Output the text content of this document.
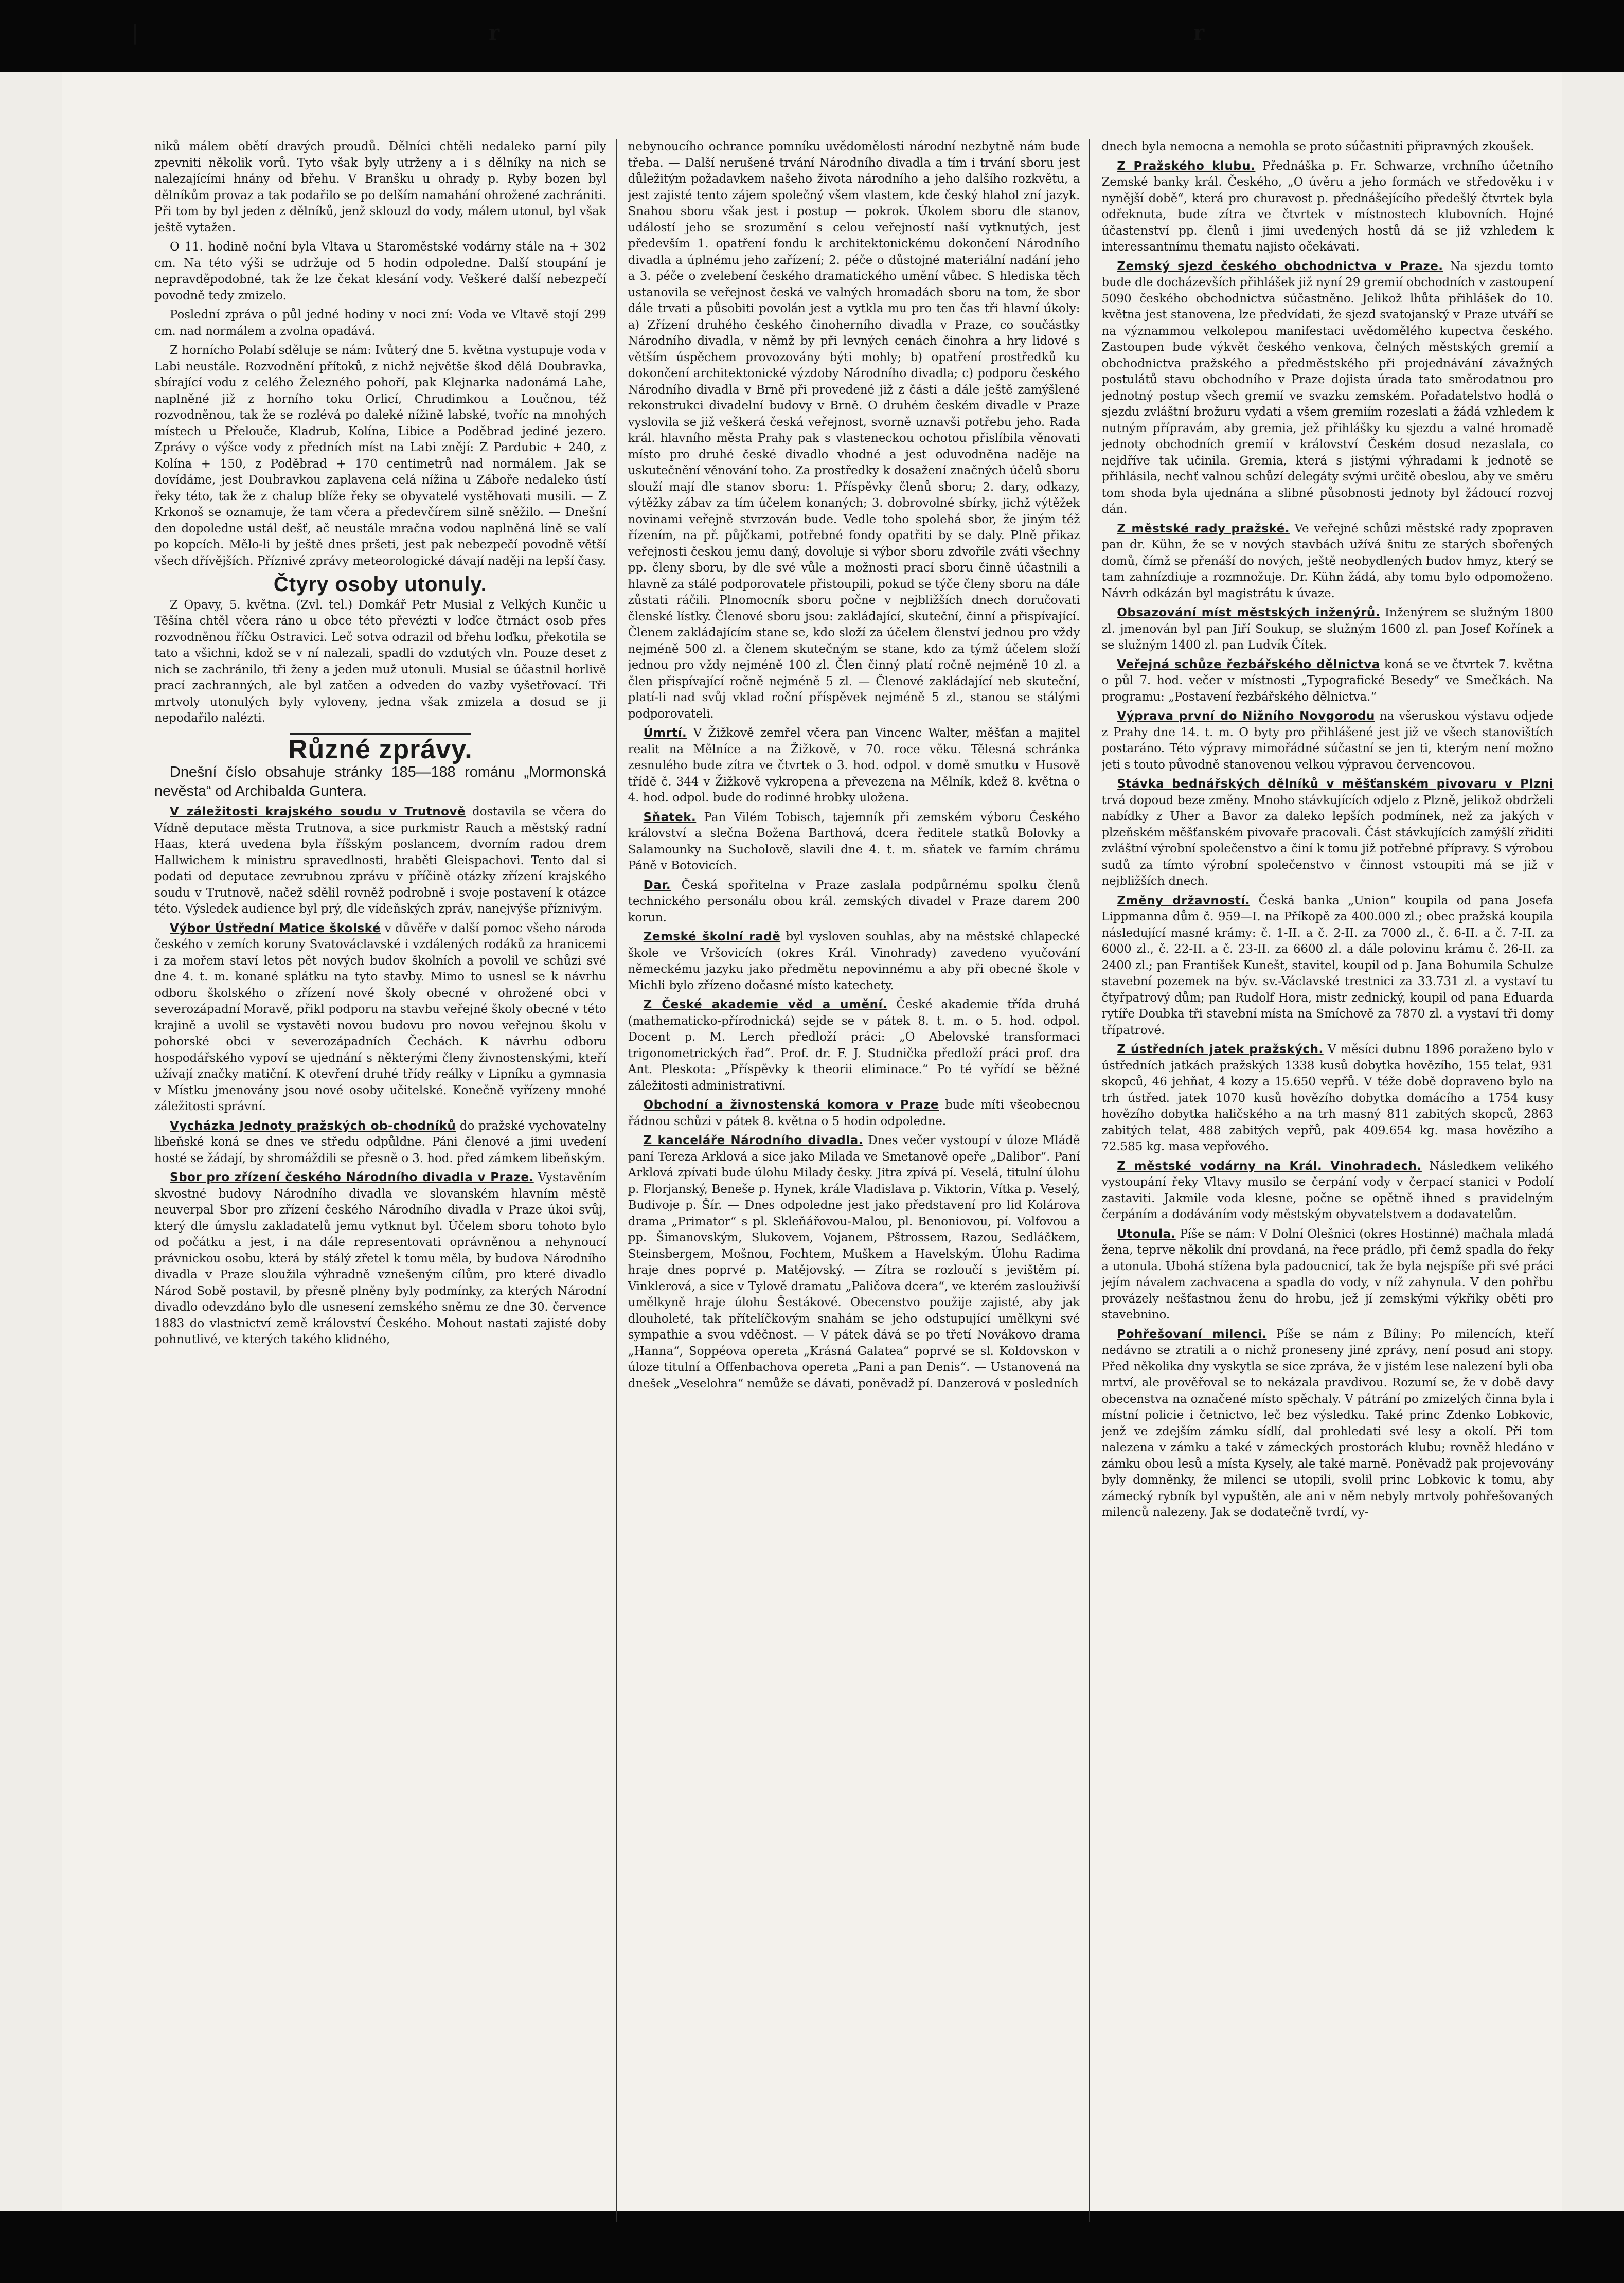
|	r	r

niků málem obětí dravých proudů. Dělníci chtěli nedaleko parní pily zpevniti několik vorů. Tyto však byly utrženy a i s dělníky na nich se nalezajícími hnány od břehu. V Branšku u ohrady p. Ryby bozen byl dělníkům provaz a tak podařilo se po delším namahání ohrožené zachrániti. Při tom by byl jeden z dělníků, jenž sklouzl do vody, málem utonul, byl však ještě vytažen.

O 11. hodině noční byla Vltava u Staroměstské vodárny stále na + 302 cm. Na této výši se udržuje od 5 hodin odpoledne. Další stoupání je nepravděpodobné, tak že lze čekat klesání vody. Veškeré další nebezpečí povodně tedy zmizelo.

Poslední zpráva o půl jedné hodiny v noci zní: Voda ve Vltavě stojí 299 cm. nad normálem a zvolna opadává.

Z hornícho Polabí sděluje se nám: Ivůterý dne 5. května vystupuje voda v Labi neustále. Rozvodnění přítoků, z nichž největše škod dělá Doubravka, sbírající vodu z celého Železného pohoří, pak Klejnarka nadonámá Lahe, naplněné již z horního toku Orlicí, Chrudimkou a Loučnou, též rozvodněnou, tak že se rozlévá po daleké nížině labské, tvoříc na mnohých místech u Přelouče, Kladrub, Kolína, Libice a Poděbrad jediné jezero. Zprávy o výšce vody z předních míst na Labi znějí: Z Pardubic + 240, z Kolína + 150, z Poděbrad + 170 centimetrů nad normálem. Jak se dovídáme, jest Doubravkou zaplavena celá nížina u Záboře nedaleko ústí řeky této, tak že z chalup blíže řeky se obyvatelé vystěhovati musili. — Z Krkonoš se oznamuje, že tam včera a předevčírem silně sněžilo. — Dnešní den dopoledne ustál dešť, ač neustále mračna vodou naplněná líně se valí po kopcích. Mělo-li by ještě dnes pršeti, jest pak nebezpečí povodně větší všech dřívějších. Příznivé zprávy meteorologické dávají naději na lepší časy.

Čtyry osoby utonuly.

Z Opavy, 5. května. (Zvl. tel.) Domkář Petr Musial z Velkých Kunčic u Těšína chtěl včera ráno u obce této převézti v loďce čtrnáct osob přes rozvodněnou říčku Ostravici. Leč sotva odrazil od břehu loďku, překotila se tato a všichni, kdož se v ní nalezali, spadli do vzdutých vln. Pouze deset z nich se zachránilo, tři ženy a jeden muž utonuli. Musial se účastnil horlivě prací zachranných, ale byl zatčen a odveden do vazby vyšetřovací. Tři mrtvoly utonulých byly vyloveny, jedna však zmizela a dosud se ji nepodařilo nalézti.

Různé zprávy.

Dnešní číslo obsahuje stránky 185—188 románu „Mormonská nevěsta“ od Archibalda Guntera.

V záležitosti krajského soudu v Trutnově dostavila se včera do Vídně deputace města Trutnova, a sice purkmistr Rauch a městský radní Haas, která uvedena byla říšským poslancem, dvorním radou drem Hallwichem k ministru spravedlnosti, hraběti Gleispachovi. Tento dal si podati od deputace zevrubnou zprávu v příčině otázky zřízení krajského soudu v Trutnově, načež sdělil rovněž podrobně i svoje postavení k otázce této. Výsledek audience byl prý, dle vídeňských zpráv, nanejvýše příznivým.

Výbor Ústřední Matice školské v důvěře v další pomoc všeho národa českého v zemích koruny Svatováclavské i vzdálených rodáků za hranicemi i za mořem staví letos pět nových budov školních a povolil ve schůzi své dne 4. t. m. konané splátku na tyto stavby. Mimo to usnesl se k návrhu odboru školského o zřízení nové školy obecné v ohrožené obci v severozápadní Moravě, přikl podporu na stavbu veřejné školy obecné v této krajině a uvolil se vystavěti novou budovu pro novou veřejnou školu v pohorské obci v severozápadních Čechách. K návrhu odboru hospodářského vypoví se ujednání s některými členy živnostenskými, kteří užívají značky matiční. K otevření druhé třídy reálky v Lipníku a gymnasia v Místku jmenovány jsou nové osoby učitelské. Konečně vyřízeny mnohé záležitosti správní.

Vycházka Jednoty pražských ob-chodníků do pražské vychovatelny libeňské koná se dnes ve středu odpůldne. Páni členové a jimi uvedení hosté se žádají, by shromáždili se přesně o 3. hod. před zámkem libeňským.

Sbor pro zřízení českého Národního divadla v Praze. Vystavěním skvostné budovy Národního divadla ve slovanském hlavním městě neuverpal Sbor pro zřízení českého Národního divadla v Praze úkoi svůj, který dle úmyslu zakladatelů jemu vytknut byl. Účelem sboru tohoto bylo od počátku a jest, i na dále representovati oprávněnou a nehynoucí právnickou osobu, která by stálý zřetel k tomu měla, by budova Národního divadla v Praze sloužila výhradně vznešeným cílům, pro které divadlo Národ Sobě postavil, by přesně plněny byly podmínky, za kterých Národní divadlo odevzdáno bylo dle usnesení zemského sněmu ze dne 30. července 1883 do vlastnictví země království Českého. Mohout nastati zajisté doby pohnutlivé, ve kterých takého klidného,

nebynoucího ochrance pomníku uvědomělosti národní nezbytně nám bude třeba. — Další nerušené trvání Národního divadla a tím i trvání sboru jest důležitým požadavkem našeho života národního a jeho dalšího rozkvětu, a jest zajisté tento zájem společný všem vlastem, kde český hlahol zní jazyk. Snahou sboru však jest i postup — pokrok. Úkolem sboru dle stanov, událostí jeho se srozumění s celou veřejností naší vytknutých, jest především 1. opatření fondu k architektonickému dokončení Národního divadla a úplnému jeho zařízení; 2. péče o důstojné materiální nadání jeho a 3. péče o zvelebení českého dramatického umění vůbec. S hlediska těch ustanovila se veřejnost česká ve valných hromadách sboru na tom, že sbor dále trvati a působiti povolán jest a vytkla mu pro ten čas tři hlavní úkoly: a) Zřízení druhého českého činoherního divadla v Praze, co součástky Národního divadla, v němž by při levných cenách činohra a hry lidové s větším úspěchem provozovány býti mohly; b) opatření prostředků ku dokončení architektonické výzdoby Národního divadla; c) podporu českého Národního divadla v Brně při provedené již z části a dále ještě zamýšlené rekonstrukci divadelní budovy v Brně. O druhém českém divadle v Praze vyslovila se již veškerá česká veřejnost, svorně uznavši potřebu jeho. Rada král. hlavního města Prahy pak s vlasteneckou ochotou přislíbila věnovati místo pro druhé české divadlo vhodné a jest oduvodněna naděje na uskutečnění věnování toho. Za prostředky k dosažení značných účelů sboru slouží mají dle stanov sboru: 1. Příspěvky členů sboru; 2. dary, odkazy, výtěžky zábav za tím účelem konaných; 3. dobrovolné sbírky, jichž výtěžek novinami veřejně stvrzován bude. Vedle toho spolehá sbor, že jiným též řízením, na př. půjčkami, potřebné fondy opatřiti by se daly. Plně přikaz veřejnosti českou jemu daný, dovoluje si výbor sboru zdvořile zváti všechny pp. členy sboru, by dle své vůle a možnosti prací sboru činně účastnili a hlavně za stálé podporovatele přistoupili, pokud se týče členy sboru na dále zůstati ráčili. Plnomocník sboru počne v nejbližších dnech doručovati členské lístky. Členové sboru jsou: zakládající, skuteční, činní a přispívající. Členem zakládajícím stane se, kdo složí za účelem členství jednou pro vždy nejméně 500 zl. a členem skutečným se stane, kdo za týmž účelem složí jednou pro vždy nejméně 100 zl. Člen činný platí ročně nejméně 10 zl. a člen přispívající ročně nejméně 5 zl. — Členové zakládající neb skuteční, platí-li nad svůj vklad roční příspěvek nejméně 5 zl., stanou se stálými podporovateli.

Úmrtí. V Žižkově zemřel včera pan Vincenc Walter, měšťan a majitel realit na Mělníce a na Žižkově, v 70. roce věku. Tělesná schránka zesnulého bude zítra ve čtvrtek o 3. hod. odpol. v domě smutku v Husově třídě č. 344 v Žižkově vykropena a převezena na Mělník, kdež 8. května o 4. hod. odpol. bude do rodinné hrobky uložena.

Sňatek. Pan Vilém Tobisch, tajemník při zemském výboru Českého království a slečna Božena Barthová, dcera ředitele statků Bolovky a Salamounky na Sucholově, slavili dne 4. t. m. sňatek ve farním chrámu Páně v Botovicích.

Dar. Česká spořitelna v Praze zaslala podpůrnému spolku členů technického personálu obou král. zemských divadel v Praze darem 200 korun.

Zemské školní radě byl vysloven souhlas, aby na městské chlapecké škole ve Vršovicích (okres Král. Vinohrady) zavedeno vyučování německému jazyku jako předmětu nepovinnému a aby při obecné škole v Michli bylo zřízeno dočasné místo katechety.

Z České akademie věd a umění. České akademie třída druhá (mathematicko-přírodnická) sejde se v pátek 8. t. m. o 5. hod. odpol. Docent p. M. Lerch předloží práci: „O Abelovské transformaci trigonometrických řad“. Prof. dr. F. J. Studnička předloží práci prof. dra Ant. Pleskota: „Příspěvky k theorii eliminace.“ Po té vyřídí se běžné záležitosti administrativní.

Obchodní a živnostenská komora v Praze bude míti všeobecnou řádnou schůzi v pátek 8. května o 5 hodin odpoledne.

Z kanceláře Národního divadla. Dnes večer vystoupí v úloze Mládě paní Tereza Arklová a sice jako Milada ve Smetanově opeře „Dalibor“. Paní Arklová zpívati bude úlohu Milady česky. Jitra zpívá pí. Veselá, titulní úlohu p. Florjanský, Beneše p. Hynek, krále Vladislava p. Viktorin, Vítka p. Veselý, Budivoje p. Šír. — Dnes odpoledne jest jako představení pro lid Kolárova drama „Primator“ s pl. Skleňářovou-Malou, pl. Benoniovou, pí. Volfovou a pp. Šimanovským, Slukovem, Vojanem, Pštrossem, Razou, Sedláčkem, Steinsbergem, Mošnou, Fochtem, Muškem a Havelským. Úlohu Radima hraje dnes poprvé p. Matějovský. — Zítra se rozloučí s jevištěm pí. Vinklerová, a sice v Tylově dramatu „Paličova dcera“, ve kterém zaslouživší umělkyně hraje úlohu Šestákové. Obecenstvo použije zajisté, aby jak dlouholeté, tak přítelíčkovým snahám se jeho odstupující umělkyni své sympathie a svou vděčnost. — V pátek dává se po třetí Novákovo drama „Hanna“, Soppéova opereta „Krásná Galatea“ poprvé se sl. Koldovskon v úloze titulní a Offenbachova opereta „Pani a pan Denis“. — Ustanovená na dnešek „Veselohra“ nemůže se dávati, poněvadž pí. Danzerová v posledních

dnech byla nemocna a nemohla se proto súčastniti připravných zkoušek.

Z Pražského klubu. Přednáška p. Fr. Schwarze, vrchního účetního Zemské banky král. Českého, „O úvěru a jeho formách ve středověku i v nynější době“, která pro churavost p. přednášejícího předešlý čtvrtek byla odřeknuta, bude zítra ve čtvrtek v místnostech klubovních. Hojné účastenství pp. členů i jimi uvedených hostů dá se již vzhledem k interessantnímu thematu najisto očekávati.

Zemský sjezd českého obchodnictva v Praze. Na sjezdu tomto bude dle docházevších přihlášek již nyní 29 gremií obchodních v zastoupení 5090 českého obchodnictva súčastněno. Jelikož lhůta přihlášek do 10. května jest stanovena, lze předvídati, že sjezd svatojanský v Praze utváří se na význammou velkolepou manifestaci uvědomělého kupectva českého. Zastoupen bude výkvět českého venkova, čelných městských gremií a obchodnictva pražského a předměstského při projednávání závažných postulátů stavu obchodního v Praze dojista úrada tato směrodatnou pro jednotný postup všech gremií ve svazku zemském. Pořadatelstvo hodlá o sjezdu zvláštní brožuru vydati a všem gremiím rozeslati a žádá vzhledem k nutným přípravám, aby gremia, jež přihlášky ku sjezdu a valné hromadě jednoty obchodních gremií v království Českém dosud nezaslala, co nejdříve tak učinila. Gremia, která s jistými výhradami k jednotě se přihlásila, nechť valnou schůzí delegáty svými určitě obeslou, aby ve směru tom shoda byla ujednána a slibné působnosti jednoty byl žádoucí rozvoj dán.

Z městské rady pražské. Ve veřejné schůzi městské rady zpopraven pan dr. Kühn, že se v nových stavbách užívá šnitu ze starých sbořených domů, čímž se přenáší do nových, ještě neobydlených budov hmyz, který se tam zahnízdiuje a rozmnožuje. Dr. Kühn žádá, aby tomu bylo odpomoženo. Návrh odkázán byl magistrátu k úvaze.

Obsazování míst městských inženýrů. Inženýrem se služným 1800 zl. jmenován byl pan Jiří Soukup, se služným 1600 zl. pan Josef Kořínek a se služným 1400 zl. pan Ludvík Čítek.

Veřejná schůze řezbářského dělnictva koná se ve čtvrtek 7. května o půl 7. hod. večer v místnosti „Typografické Besedy“ ve Smečkách. Na programu: „Postavení řezbářského dělnictva.“

Výprava první do Nižního Novgorodu na všeruskou výstavu odjede z Prahy dne 14. t. m. O byty pro přihlášené jest již ve všech stanovištích postaráno. Této výpravy mimořádné súčastní se jen ti, kterým není možno jeti s touto původně stanovenou velkou výpravou červencovou.

Stávka bednářských dělníků v měšťanském pivovaru v Plzni trvá dopoud beze změny. Mnoho stávkujících odjelo z Plzně, jelikož obdrželi nabídky z Uher a Bavor za daleko lepších podmínek, než za jakých v plzeňském měšťanském pivovaře pracovali. Část stávkujících zamýšlí zřiditi zvláštní výrobní společenstvo a činí k tomu již potřebné přípravy. S výrobou sudů za tímto výrobní společenstvo v činnost vstoupiti má se již v nejbližších dnech.

Změny državností. Česká banka „Union“ koupila od pana Josefa Lippmanna dům č. 959—I. na Příkopě za 400.000 zl.; obec pražská koupila následující masné krámy: č. 1-II. a č. 2-II. za 7000 zl., č. 6-II. a č. 7-II. za 6000 zl., č. 22-II. a č. 23-II. za 6600 zl. a dále polovinu krámu č. 26-II. za 2400 zl.; pan František Kunešt, stavitel, koupil od p. Jana Bohumila Schulze stavební pozemek na býv. sv.-Václavské trestnici za 33.731 zl. a vystaví tu čtyřpatrový dům; pan Rudolf Hora, mistr zednický, koupil od pana Eduarda rytíře Doubka tři stavební místa na Smíchově za 7870 zl. a vystaví tři domy třípatrové.

Z ústředních jatek pražských. V měsíci dubnu 1896 poraženo bylo v ústředních jatkách pražských 1338 kusů dobytka hovězího, 155 telat, 931 skopců, 46 jehňat, 4 kozy a 15.650 vepřů. V téže době dopraveno bylo na trh ústřed. jatek 1070 kusů hovězího dobytka domácího a 1754 kusy hovězího dobytka haličského a na trh masný 811 zabitých skopců, 2863 zabitých telat, 488 zabitých vepřů, pak 409.654 kg. masa hovězího a 72.585 kg. masa vepřového.

Z městské vodárny na Král. Vinohradech. Následkem velikého vystoupání řeky Vltavy musilo se čerpání vody v čerpací stanici v Podolí zastaviti. Jakmile voda klesne, počne se opětně ihned s pravidelným čerpáním a dodáváním vody městským obyvatelstvem a dodavatelům.

Utonula. Píše se nám: V Dolní Olešnici (okres Hostinné) mačhala mladá žena, teprve několik dní provdaná, na řece prádlo, při čemž spadla do řeky a utonula. Ubohá stížena byla padoucnicí, tak že byla nejspíše při své práci jejím návalem zachvacena a spadla do vody, v níž zahynula. V den pohřbu provázely nešťastnou ženu do hrobu, jež jí zemskými výkřiky oběti pro stavebnino.

Pohřešovaní milenci. Píše se nám z Bíliny: Po milencích, kteří nedávno se ztratili a o nichž proneseny jiné zprávy, není posud ani stopy. Před několika dny vyskytla se sice zpráva, že v jistém lese nalezení byli oba mrtví, ale prověřoval se to nekázala pravdivou. Rozumí se, že v době davy obecenstva na označené místo spěchaly. V pátrání po zmizelých činna byla i místní policie i četnictvo, leč bez výsledku. Také princ Zdenko Lobkovic, jenž ve zdejším zámku sídlí, dal prohledati své lesy a okolí. Při tom nalezena v zámku a také v zámeckých prostorách klubu; rovněž hledáno v zámku obou lesů a místa Kysely, ale také marně. Poněvadž pak projevovány byly domněnky, že milenci se utopili, svolil princ Lobkovic k tomu, aby zámecký rybník byl vypuštěn, ale ani v něm nebyly mrtvoly pohřešovaných milenců nalezeny. Jak se dodatečně tvrdí, vy-
